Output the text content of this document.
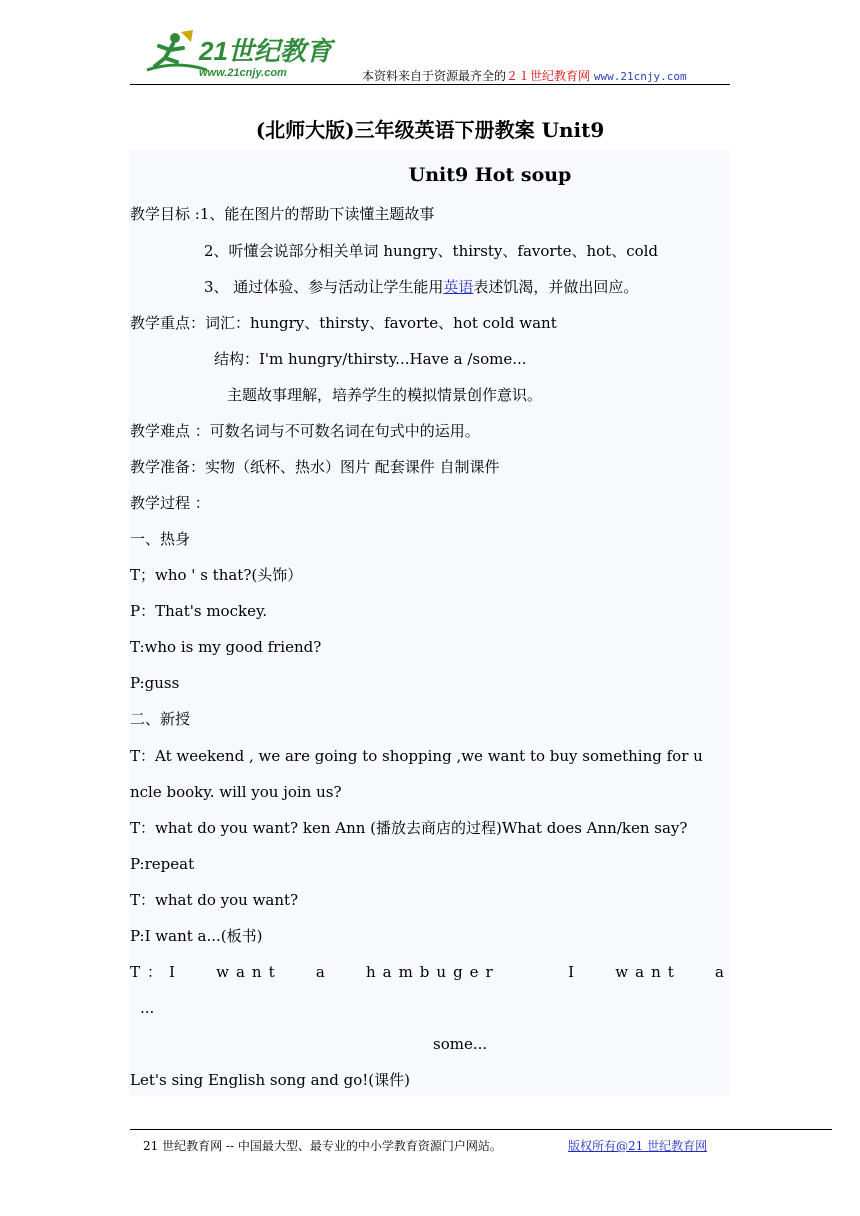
21世纪教育
www.21cnjy.com	本资料来自于资源最齐全的２１世纪教育网 www.21cnjy.com
(北师大版)三年级英语下册教案 Unit9
Unit9 Hot soup
教学目标 :1、能在图片的帮助下读懂主题故事
2、听懂会说部分相关单词 hungry、thirsty、favorte、hot、cold
3、 通过体验、参与活动让学生能用英语表述饥渴，并做出回应。
教学重点：词汇：hungry、thirsty、favorte、hot cold want
结构：I'm hungry/thirsty...Have a /some...
主题故事理解，培养学生的模拟情景创作意识。
教学难点 ：可数名词与不可数名词在句式中的运用。
教学准备：实物（纸杯、热水）图片 配套课件 自制课件
教学过程 ：
一、热身
T；who ' s that?(头饰）
P：That's mockey.
T:who is my good friend?
P:guss
二、新授
T：At weekend , we are going to shopping ,we want to buy something for u
ncle booky. will you join us?
T：what do you want? ken Ann (播放去商店的过程)What does Ann/ken say?
P:repeat
T：what do you want?
P:I want a...(板书)
T：I want a hambuger	I want a
...
some...
Let's sing English song and go!(课件)
21 世纪教育网 -- 中国最大型、最专业的中小学教育资源门户网站。	版权所有@21 世纪教育网
